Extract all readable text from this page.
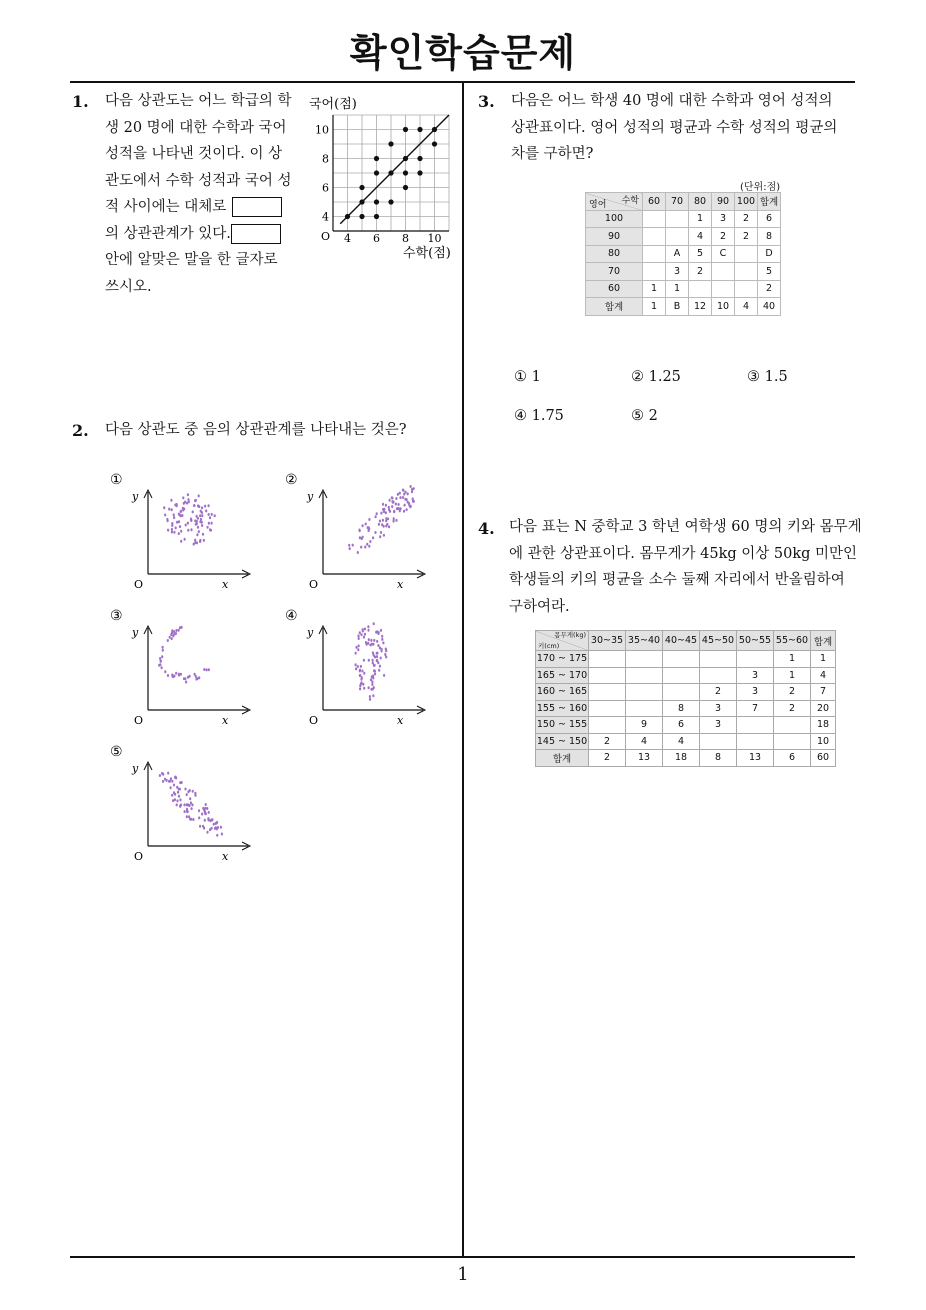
확인학습문제
1
1. 다음 상관도는 어느 학급의 학
생 20 명에 대한 수학과 국어
성적을 나타낸 것이다. 이 상
관도에서 수학 성적과 국어 성
적 사이에는 대체로
의 상관관계가 있다.
안에 알맞은 말을 한 글자로
쓰시오.
국어(점)
4 6 8 10
4
6
8
10
O
수학(점)
2. 다음 상관도 중 음의 상관관계를 나타내는 것은?
①
y
x
O
②
y
x
O
③
y
x
O
④
y
x
O
⑤
y
x
O
3. 다음은 어느 학생 40 명에 대한 수학과 영어 성적의
상관표이다. 영어 성적의 평균과 수학 성적의 평균의
차를 구하면?
(단위:점)
수학
영어	60	70	80	90	100	합계
100			1	3	2	6
90			4	2	2	8
80		A	5	C		D
70		3	2			5
60	1	1				2
합계	1	B	12	10	4	40
① 1	② 1.25	③ 1.5
④ 1.75	⑤ 2
4. 다음 표는 N 중학교 3 학년 여학생 60 명의 키와 몸무게
에 관한 상관표이다. 몸무게가 45kg 이상 50kg 미만인
학생들의 키의 평균을 소수 둘째 자리에서 반올림하여
구하여라.
몸무게(kg)
키(cm)	30~35	35~40	40~45	45~50	50~55	55~60	합계
170 ~ 175						1	1
165 ~ 170					3	1	4
160 ~ 165				2	3	2	7
155 ~ 160			8	3	7	2	20
150 ~ 155		9	6	3			18
145 ~ 150	2	4	4				10
합계	2	13	18	8	13	6	60
